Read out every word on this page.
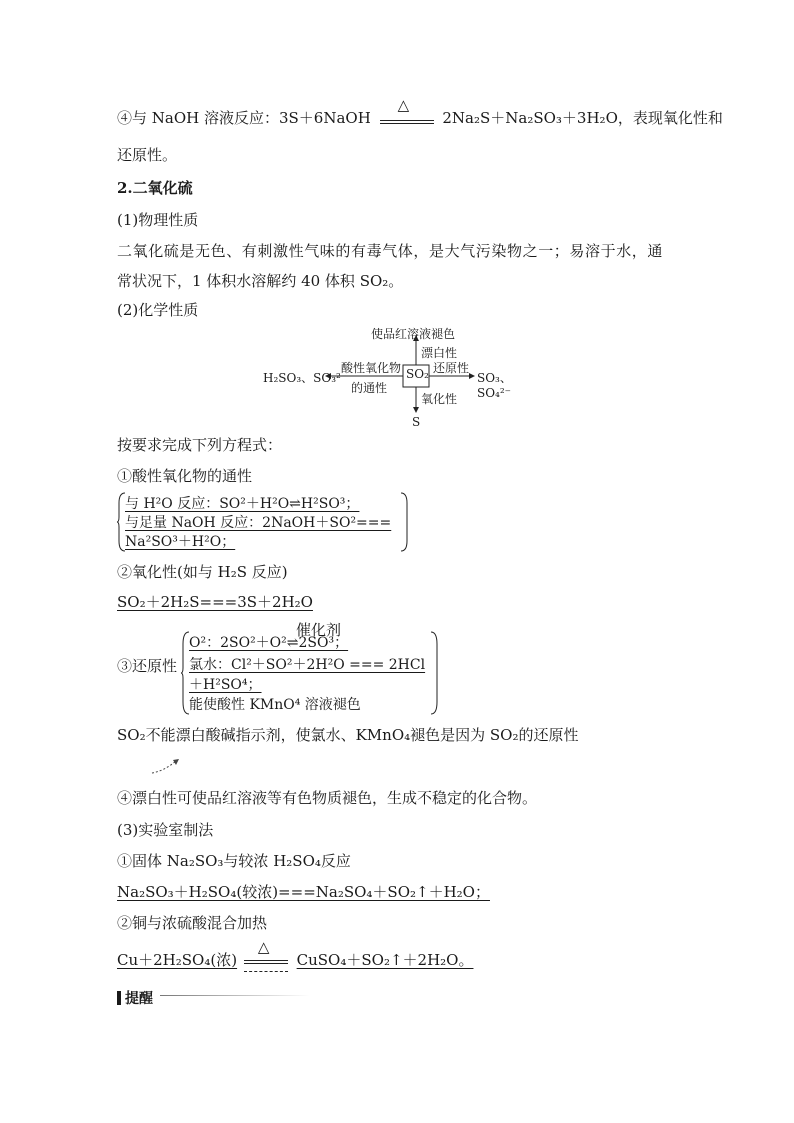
④与 NaOH 溶液反应：3S＋6NaOH
△
2Na₂S＋Na₂SO₃＋3H₂O，表现氧化性和
还原性。
2.二氧化硫
(1)物理性质
二氧化硫是无色、有刺激性气味的有毒气体，是大气污染物之一；易溶于水，通
常状况下，1 体积水溶解约 40 体积 SO₂。
(2)化学性质
使品红溶液褪色
漂白性
SO₂
酸性氧化物
的通性
H₂SO₃、SO₃²⁻
还原性
SO₃、SO₄²⁻
氧化性
S
按要求完成下列方程式：
①酸性氧化物的通性
与 H²O 反应：SO²＋H²O⇌H²SO³；
与足量 NaOH 反应：2NaOH＋SO²===
Na²SO³＋H²O；
②氧化性(如与 H₂S 反应)
SO₂＋2H₂S===3S＋2H₂O
③还原性
催化剂
O²：2SO²＋O²⇌2SO³；
氯水：Cl²＋SO²＋2H²O === 2HCl
＋H²SO⁴；
能使酸性 KMnO⁴ 溶液褪色
SO₂不能漂白酸碱指示剂，使氯水、KMnO₄褪色是因为 SO₂的还原性
④漂白性可使品红溶液等有色物质褪色，生成不稳定的化合物。
(3)实验室制法
①固体 Na₂SO₃与较浓 H₂SO₄反应
Na₂SO₃＋H₂SO₄(较浓)===Na₂SO₄＋SO₂↑＋H₂O；
②铜与浓硫酸混合加热
Cu＋2H₂SO₄(浓)
△
CuSO₄＋SO₂↑＋2H₂O。
提醒
